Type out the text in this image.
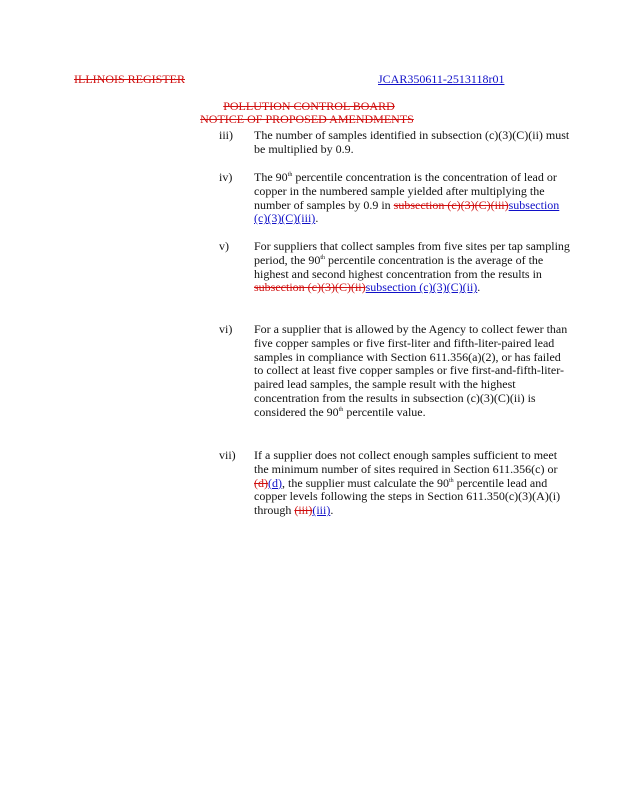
ILLINOIS REGISTER	JCAR350611-2513118r01
POLLUTION CONTROL BOARD
NOTICE OF PROPOSED AMENDMENTS
iii) The number of samples identified in subsection (c)(3)(C)(ii) must be multiplied by 0.9.
iv) The 90th percentile concentration is the concentration of lead or copper in the numbered sample yielded after multiplying the number of samples by 0.9 in subsection (c)(3)(C)(iii)subsection (c)(3)(C)(iii).
v) For suppliers that collect samples from five sites per tap sampling period, the 90th percentile concentration is the average of the highest and second highest concentration from the results in subsection (c)(3)(C)(ii)subsection (c)(3)(C)(ii).
vi) For a supplier that is allowed by the Agency to collect fewer than five copper samples or five first-liter and fifth-liter-paired lead samples in compliance with Section 611.356(a)(2), or has failed to collect at least five copper samples or five first-and-fifth-liter-paired lead samples, the sample result with the highest concentration from the results in subsection (c)(3)(C)(ii) is considered the 90th percentile value.
vii) If a supplier does not collect enough samples sufficient to meet the minimum number of sites required in Section 611.356(c) or (d)(d), the supplier must calculate the 90th percentile lead and copper levels following the steps in Section 611.350(c)(3)(A)(i) through (iii)(iii).
